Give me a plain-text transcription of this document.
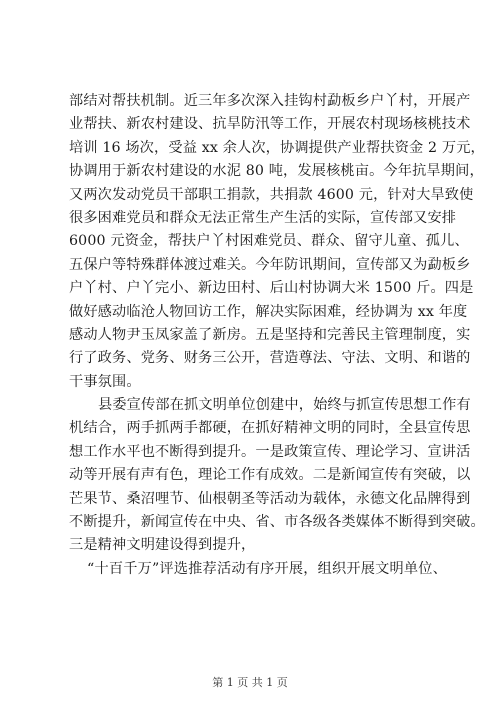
部结对帮扶机制。近三年多次深入挂钩村勐板乡户丫村，开展产
业帮扶、新农村建设、抗旱防汛等工作，开展农村现场核桃技术
培训 16 场次，受益 xx 余人次，协调提供产业帮扶资金 2 万元，
协调用于新农村建设的水泥 80 吨，发展核桃亩。今年抗旱期间，
又两次发动党员干部职工捐款，共捐款 4600 元，针对大旱致使
很多困难党员和群众无法正常生产生活的实际，宣传部又安排
6000 元资金，帮扶户丫村困难党员、群众、留守儿童、孤儿、
五保户等特殊群体渡过难关。今年防讯期间，宣传部又为勐板乡
户丫村、户丫完小、新边田村、后山村协调大米 1500 斤。四是
做好感动临沧人物回访工作，解决实际困难，经协调为 xx 年度
感动人物尹玉凤家盖了新房。五是坚持和完善民主管理制度，实
行了政务、党务、财务三公开，营造尊法、守法、文明、和谐的
干事氛围。
县委宣传部在抓文明单位创建中，始终与抓宣传思想工作有
机结合，两手抓两手都硬，在抓好精神文明的同时，全县宣传思
想工作水平也不断得到提升。一是政策宣传、理论学习、宣讲活
动等开展有声有色，理论工作有成效。二是新闻宣传有突破，以
芒果节、桑沼哩节、仙根朝圣等活动为载体，永德文化品牌得到
不断提升，新闻宣传在中央、省、市各级各类媒体不断得到突破。
三是精神文明建设得到提升，
“十百千万”评选推荐活动有序开展，组织开展文明单位、
第 1 页 共 1 页
